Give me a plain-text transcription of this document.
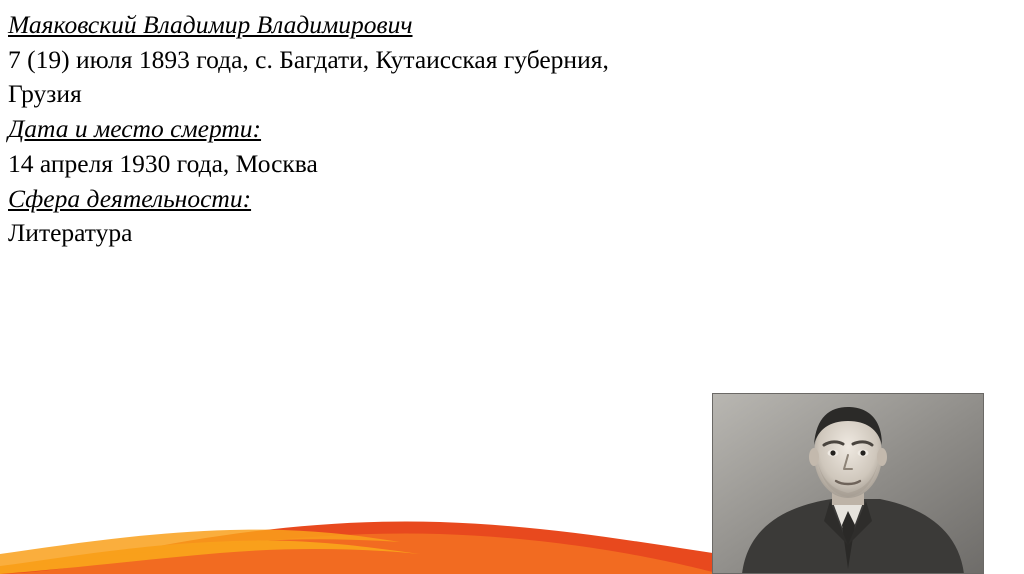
Маяковский Владимир Владимирович

7 (19) июля 1893 года, с. Багдати, Кутаисская губерния, Грузия

Дата и место смерти:

14 апреля 1930 года, Москва

Сфера деятельности:

Литература
